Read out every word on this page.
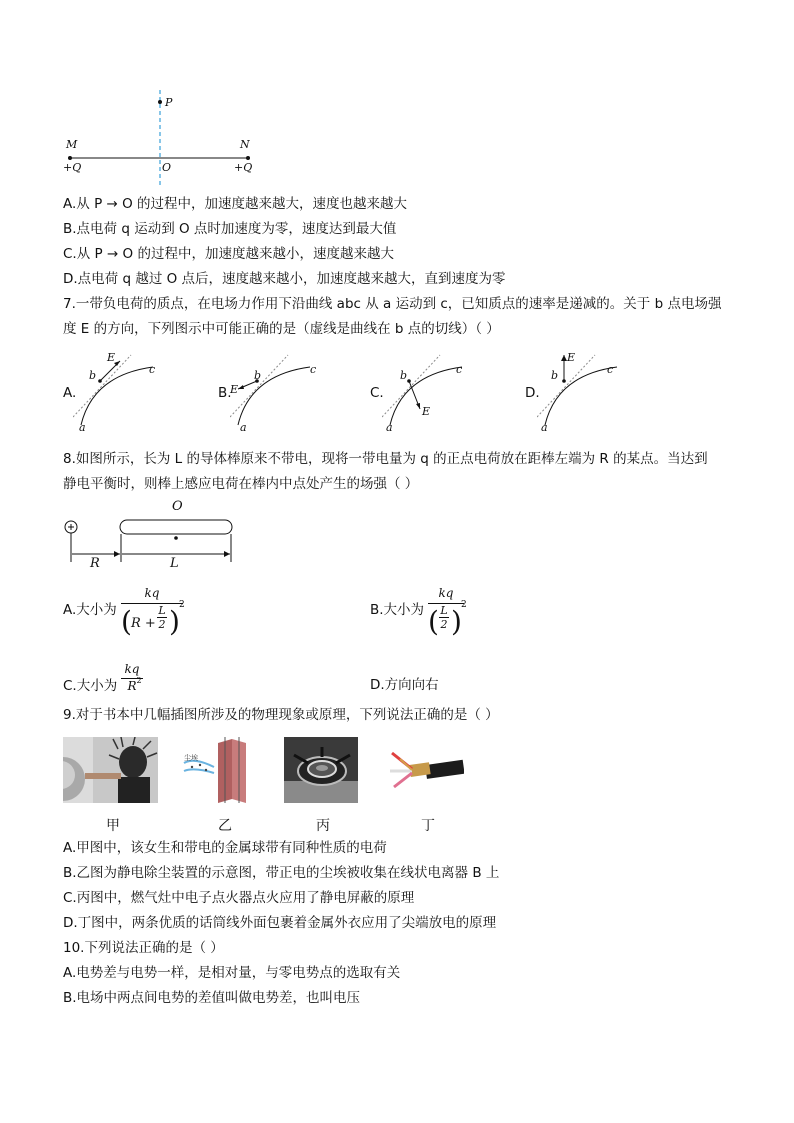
P
M	N
O
+Q	+Q
A.从 P → O 的过程中，加速度越来越大，速度也越来越大
B.点电荷 q 运动到 O 点时加速度为零，速度达到最大值
C.从 P → O 的过程中，加速度越来越小，速度越来越大
D.点电荷 q 越过 O 点后，速度越来越小，加速度越来越大，直到速度为零
7.一带负电荷的质点，在电场力作用下沿曲线 abc 从 a 运动到 c，已知质点的速率是递减的。关于 b 点电场强
度 E 的方向，下列图示中可能正确的是（虚线是曲线在 b 点的切线）（ ）
A.
E
b	c
a
B.
E
b	c
a
C.
b
E
c
a
D.
E
b	c
a
8.如图所示，长为 L 的导体棒原来不带电，现将一带电量为 q 的正点电荷放在距棒左端为 R 的某点。当达到
静电平衡时，则棒上感应电荷在棒内中点处产生的场强（ ）
O
R	L
A.大小为
kq
( R +
L
2 ) 2	B.大小为
kq
( L
2 ) 2
C.大小为
kq
R 2	D.方向向右
9.对于书本中几幅插图所涉及的物理现象或原理，下列说法正确的是（ ）
尘埃
甲	乙	丙	丁
A.甲图中，该女生和带电的金属球带有同种性质的电荷
B.乙图为静电除尘装置的示意图，带正电的尘埃被收集在线状电离器 B 上
C.丙图中，燃气灶中电子点火器点火应用了静电屏蔽的原理
D.丁图中，两条优质的话筒线外面包裹着金属外衣应用了尖端放电的原理
10.下列说法正确的是（ ）
A.电势差与电势一样，是相对量，与零电势点的选取有关
B.电场中两点间电势的差值叫做电势差，也叫电压
